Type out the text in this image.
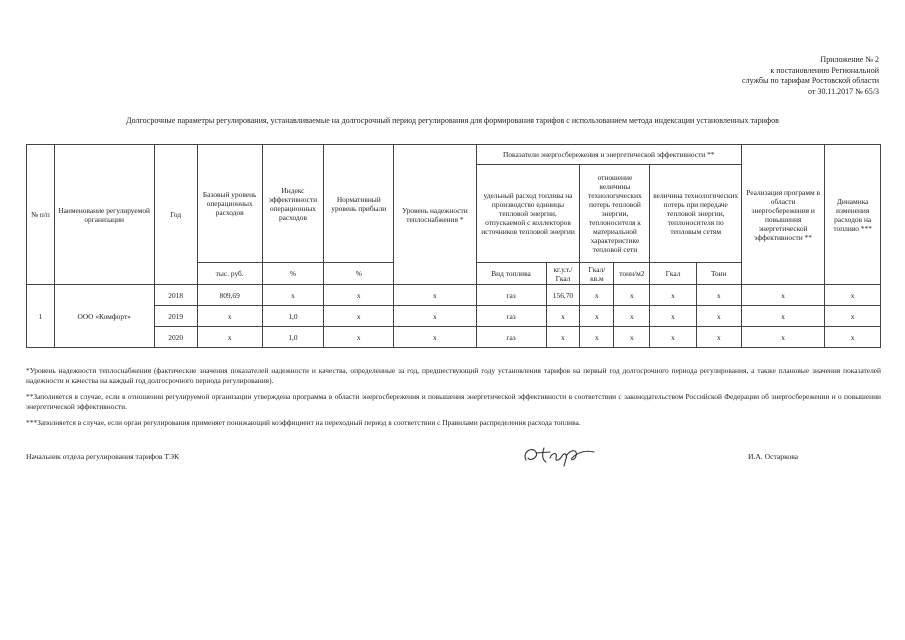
Приложение № 2
к постановлению Региональной
службы по тарифам Ростовской области
от 30.11.2017 № 65/3
Долгосрочные параметры регулирования, устанавливаемые на долгосрочный период регулирования для формирования тарифов с использованием метода индексации установленных тарифов
№ п/п	Наименование регулируемой организации	Год	Базовый уровень операционных расходов	Индекс эффективности операционных расходов	Нормативный уровень прибыли	Уровень надежности теплоснабжения *	Показатели энергосбережения и энергетической эффективности **						Реализация программ в области энергосбережения и повышения энергетической эффективности **	Динамика изменения расходов на топливо ***
							удельный расход топлива на производство единицы тепловой энергии, отпускаемой с коллекторов источников тепловой энергии		отношение величины технологических потерь тепловой энергии, теплоносителя к материальной характеристике тепловой сети		величина технологических потерь при передаче тепловой энергии, теплоносителя по тепловым сетям			
			тыс. руб.	%	%		Вид топлива	кг.у.т./ Гкал	Гкал/ кв.м	тонн/м2	Гкал	Тонн		
1	ООО «Комфорт»	2018	809,69	x	x	x	газ	156,70	x	x	x	x	x	x
		2019	x	1,0	x	x	газ	x	x	x	x	x	x	x
		2020	x	1,0	x	x	газ	x	x	x	x	x	x	x

*Уровень надежности теплоснабжения (фактические значения показателей надежности и качества, определенные за год, предшествующий году установления тарифов на первый год долгосрочного периода регулирования, а также плановые значения показателей надежности и качества на каждый год долгосрочного периода регулирования).

**Заполняется в случае, если в отношении регулируемой организации утверждена программа в области энергосбережения и повышения энергетической эффективности в соответствии с законодательством Российской Федерации об энергосбережении и о повышении энергетической эффективности.

***Заполняется в случае, если орган регулирования применяет понижающий коэффициент на переходный период в соответствии с Правилами распределения расхода топлива.

Начальник отдела регулирования тарифов ТЭК	И.А. Остаркова
